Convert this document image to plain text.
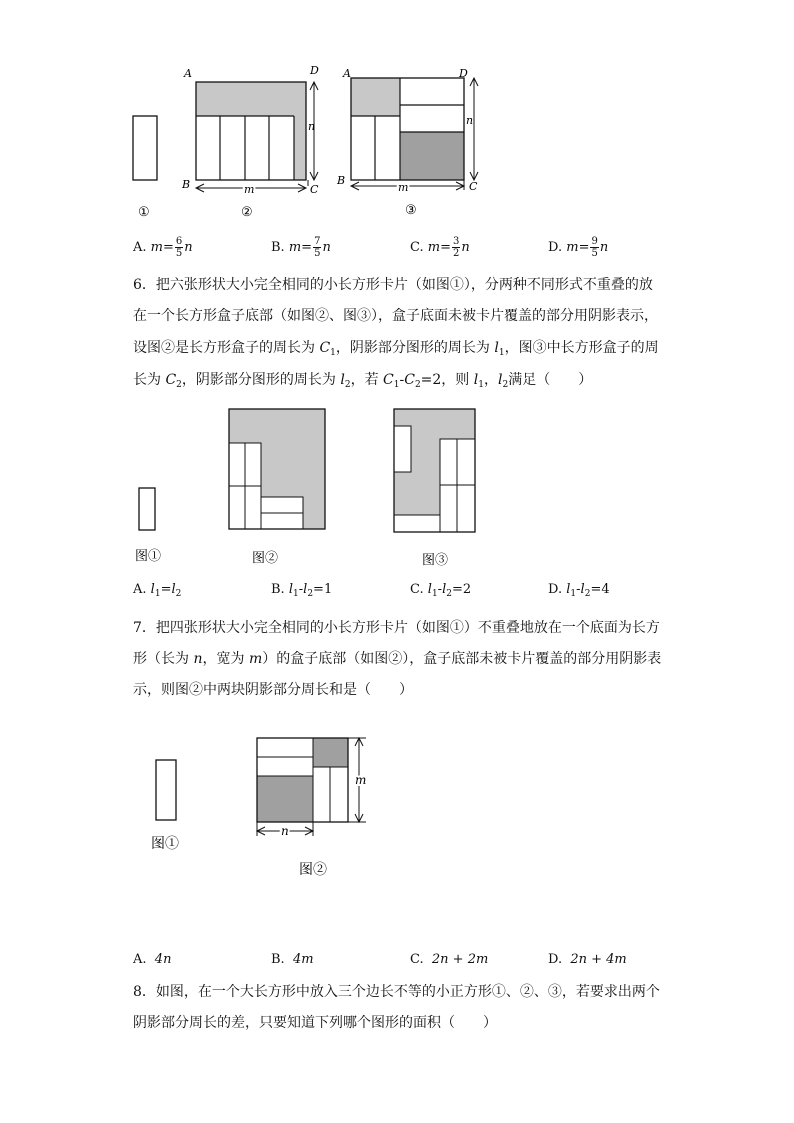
A	D
B	C
n
m
A	D
B	C
n
m
①	②	③
A. $m= \frac{6}{5}$ n	B. $m= \frac{7}{5}$ n	C. $m= \frac{3}{2}$ n	D. $m= \frac{9}{5}$ n
6．把六张形状大小完全相同的小长方形卡片（如图①），分两种不同形式不重叠的放
在一个长方形盒子底部（如图②、图③），盒子底面未被卡片覆盖的部分用阴影表示，
设图②是长方形盒子的周长为 $C_1$，阴影部分图形的周长为 $l_1$，图③中长方形盒子的周
长为 $C_2$，阴影部分图形的周长为 $l_2$，若 $C_1-C_2=2$，则 $l_1$，$l_2$满足（　　）
图①	图②	图③
A. $l_1=l_2$	B. $l_1-l_2=1$	C. $l_1-l_2=2$	D. $l_1-l_2=4$
7．把四张形状大小完全相同的小长方形卡片（如图①）不重叠地放在一个底面为长方
形（长为 n，宽为 m）的盒子底部（如图②），盒子底部未被卡片覆盖的部分用阴影表
示，则图②中两块阴影部分周长和是（　　）
m
n
图①
图②
A. 4n	B. 4m	C. 2n + 2m	D. 2n + 4m
8．如图，在一个大长方形中放入三个边长不等的小正方形①、②、③，若要求出两个
阴影部分周长的差，只要知道下列哪个图形的面积（　　）
